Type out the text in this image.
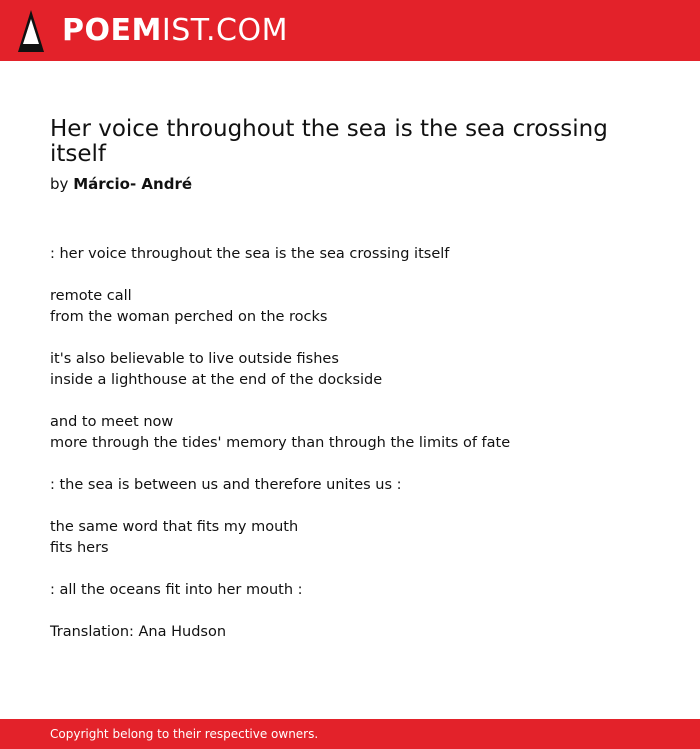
POEMIST.COM
Her voice throughout the sea is the sea crossing itself
by Márcio- André
: her voice throughout the sea is the sea crossing itself
remote call
from the woman perched on the rocks
it's also believable to live outside fishes
inside a lighthouse at the end of the dockside
and to meet now
more through the tides' memory than through the limits of fate
: the sea is between us and therefore unites us :
the same word that fits my mouth
fits hers
: all the oceans fit into her mouth :
Translation: Ana Hudson
Copyright belong to their respective owners.
